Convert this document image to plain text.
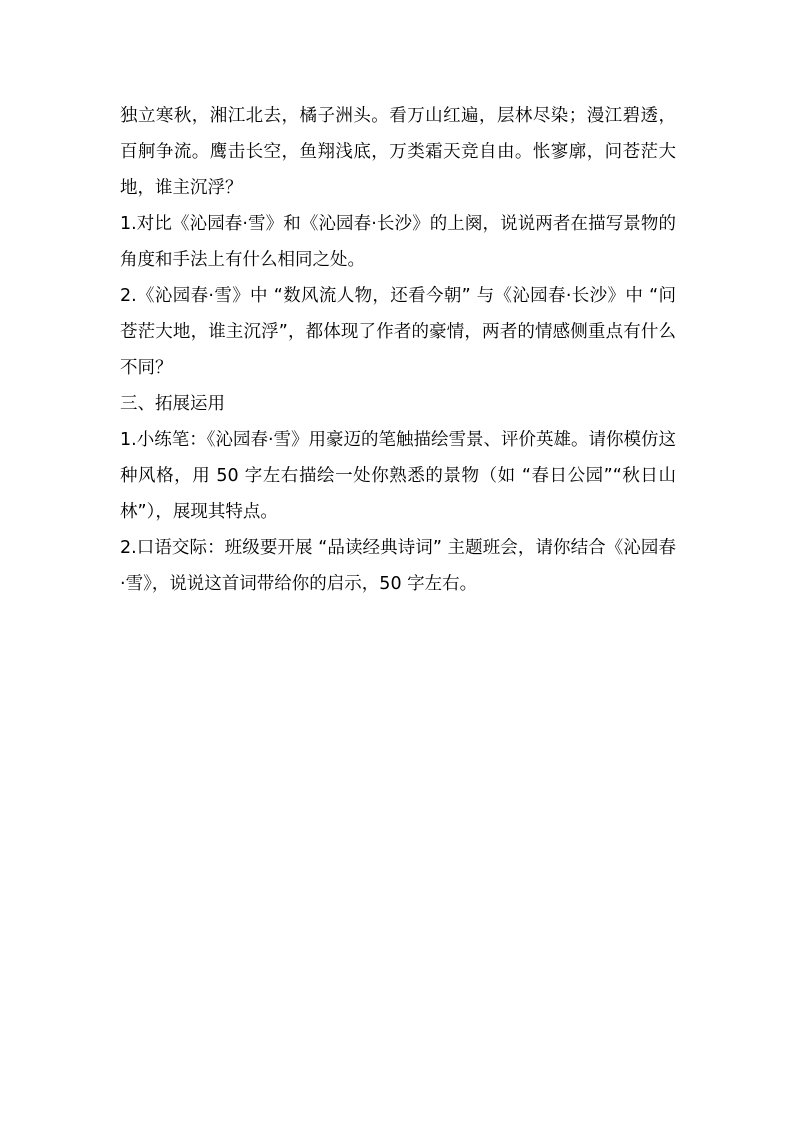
独立寒秋，湘江北去，橘子洲头。看万山红遍，层林尽染；漫江碧透，百舸争流。鹰击长空，鱼翔浅底，万类霜天竞自由。怅寥廓，问苍茫大地，谁主沉浮？

1.对比《沁园春·雪》和《沁园春·长沙》的上阕，说说两者在描写景物的角度和手法上有什么相同之处。

2.《沁园春·雪》中 “数风流人物，还看今朝” 与《沁园春·长沙》中 “问苍茫大地，谁主沉浮”，都体现了作者的豪情，两者的情感侧重点有什么不同？

三、拓展运用

1.小练笔：《沁园春·雪》用豪迈的笔触描绘雪景、评价英雄。请你模仿这种风格，用 50 字左右描绘一处你熟悉的景物（如 “春日公园”“秋日山林”），展现其特点。

2.口语交际：班级要开展 “品读经典诗词” 主题班会，请你结合《沁园春·雪》，说说这首词带给你的启示，50 字左右。
